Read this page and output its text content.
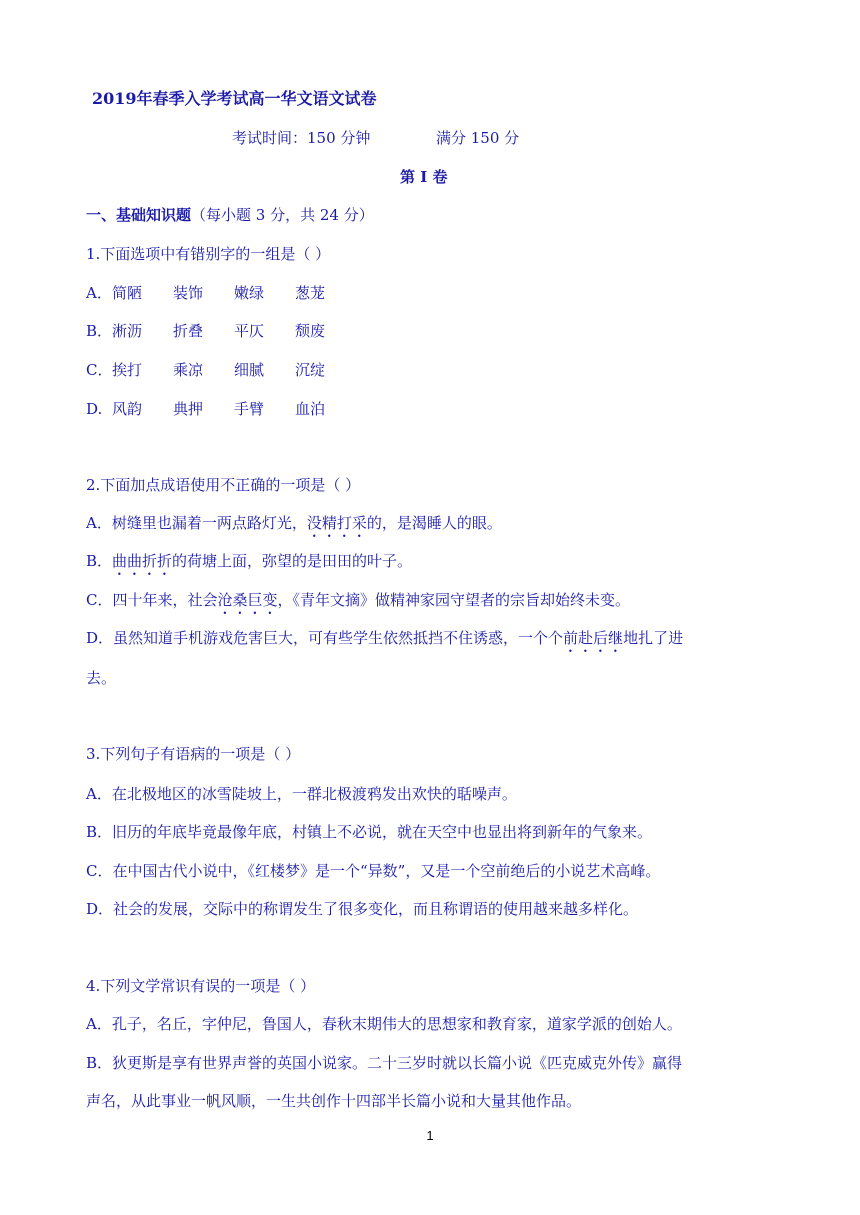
2019年春季入学考试高一华文语文试卷
考试时间：150 分钟	满分 150 分
第 I 卷
一、基础知识题（每小题 3 分，共 24 分）
1.下面选项中有错别字的一组是（ ）
A．简陋 装饰 嫩绿 葱茏
B．淅沥 折叠 平仄 颓废
C．挨打 乘凉 细腻 沉绽
D.风韵 典押 手臂 血泊
2.下面加点成语使用不正确的一项是（ ）
A．树缝里也漏着一两点路灯光，没精打采的，是渴睡人的眼。
B．曲曲折折的荷塘上面，弥望的是田田的叶子。
C．四十年来，社会沧桑巨变，《青年文摘》做精神家园守望者的宗旨却始终未变。
D．虽然知道手机游戏危害巨大，可有些学生依然抵挡不住诱惑，一个个前赴后继地扎了进
去。
3.下列句子有语病的一项是（ ）
A．在北极地区的冰雪陡坡上，一群北极渡鸦发出欢快的聒噪声。
B．旧历的年底毕竟最像年底，村镇上不必说，就在天空中也显出将到新年的气象来。
C．在中国古代小说中，《红楼梦》是一个“异数”，又是一个空前绝后的小说艺术高峰。
D．社会的发展，交际中的称谓发生了很多变化，而且称谓语的使用越来越多样化。
4.下列文学常识有误的一项是（ ）
A．孔子，名丘，字仲尼，鲁国人，春秋末期伟大的思想家和教育家，道家学派的创始人。
B．狄更斯是享有世界声誉的英国小说家。二十三岁时就以长篇小说《匹克威克外传》赢得
声名，从此事业一帆风顺，一生共创作十四部半长篇小说和大量其他作品。
1
